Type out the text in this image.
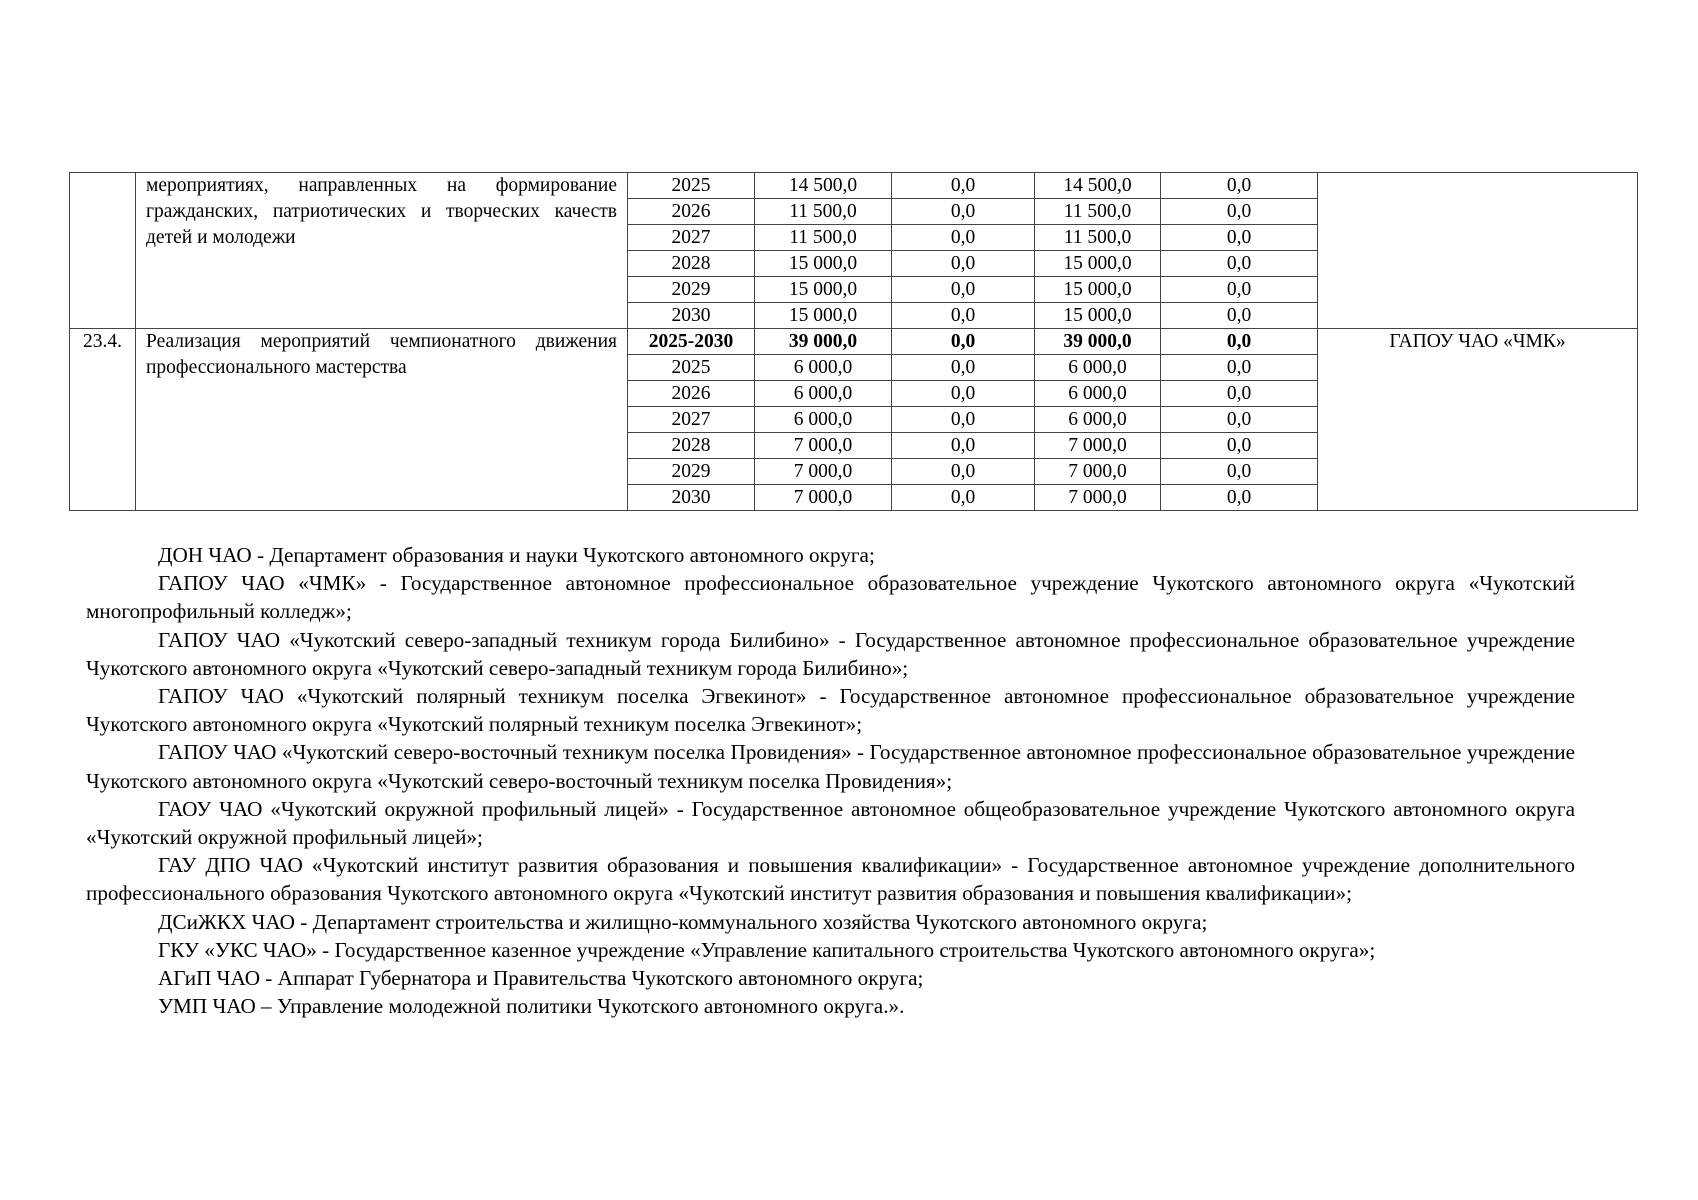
	мероприятиях, направленных на формирование гражданских, патриотических и творческих качеств детей и молодежи	2025	14 500,0	0,0	14 500,0	0,0	
		2026	11 500,0	0,0	11 500,0	0,0	
		2027	11 500,0	0,0	11 500,0	0,0	
		2028	15 000,0	0,0	15 000,0	0,0	
		2029	15 000,0	0,0	15 000,0	0,0	
		2030	15 000,0	0,0	15 000,0	0,0	
23.4.	Реализация мероприятий чемпионатного движения профессионального мастерства	2025-2030	39 000,0	0,0	39 000,0	0,0	ГАПОУ ЧАО «ЧМК»
		2025	6 000,0	0,0	6 000,0	0,0	
		2026	6 000,0	0,0	6 000,0	0,0	
		2027	6 000,0	0,0	6 000,0	0,0	
		2028	7 000,0	0,0	7 000,0	0,0	
		2029	7 000,0	0,0	7 000,0	0,0	
		2030	7 000,0	0,0	7 000,0	0,0	

ДОН ЧАО - Департамент образования и науки Чукотского автономного округа;

ГАПОУ ЧАО «ЧМК» - Государственное автономное профессиональное образовательное учреждение Чукотского автономного округа «Чукотский многопрофильный колледж»;

ГАПОУ ЧАО «Чукотский северо-западный техникум города Билибино» - Государственное автономное профессиональное образовательное учреждение Чукотского автономного округа «Чукотский северо-западный техникум города Билибино»;

ГАПОУ ЧАО «Чукотский полярный техникум поселка Эгвекинот» - Государственное автономное профессиональное образовательное учреждение Чукотского автономного округа «Чукотский полярный техникум поселка Эгвекинот»;

ГАПОУ ЧАО «Чукотский северо-восточный техникум поселка Провидения» - Государственное автономное профессиональное образовательное учреждение Чукотского автономного округа «Чукотский северо-восточный техникум поселка Провидения»;

ГАОУ ЧАО «Чукотский окружной профильный лицей» - Государственное автономное общеобразовательное учреждение Чукотского автономного округа «Чукотский окружной профильный лицей»;

ГАУ ДПО ЧАО «Чукотский институт развития образования и повышения квалификации» - Государственное автономное учреждение дополнительного профессионального образования Чукотского автономного округа «Чукотский институт развития образования и повышения квалификации»;

ДСиЖКХ ЧАО - Департамент строительства и жилищно-коммунального хозяйства Чукотского автономного округа;

ГКУ «УКС ЧАО» - Государственное казенное учреждение «Управление капитального строительства Чукотского автономного округа»;

АГиП ЧАО - Аппарат Губернатора и Правительства Чукотского автономного округа;

УМП ЧАО – Управление молодежной политики Чукотского автономного округа.».
